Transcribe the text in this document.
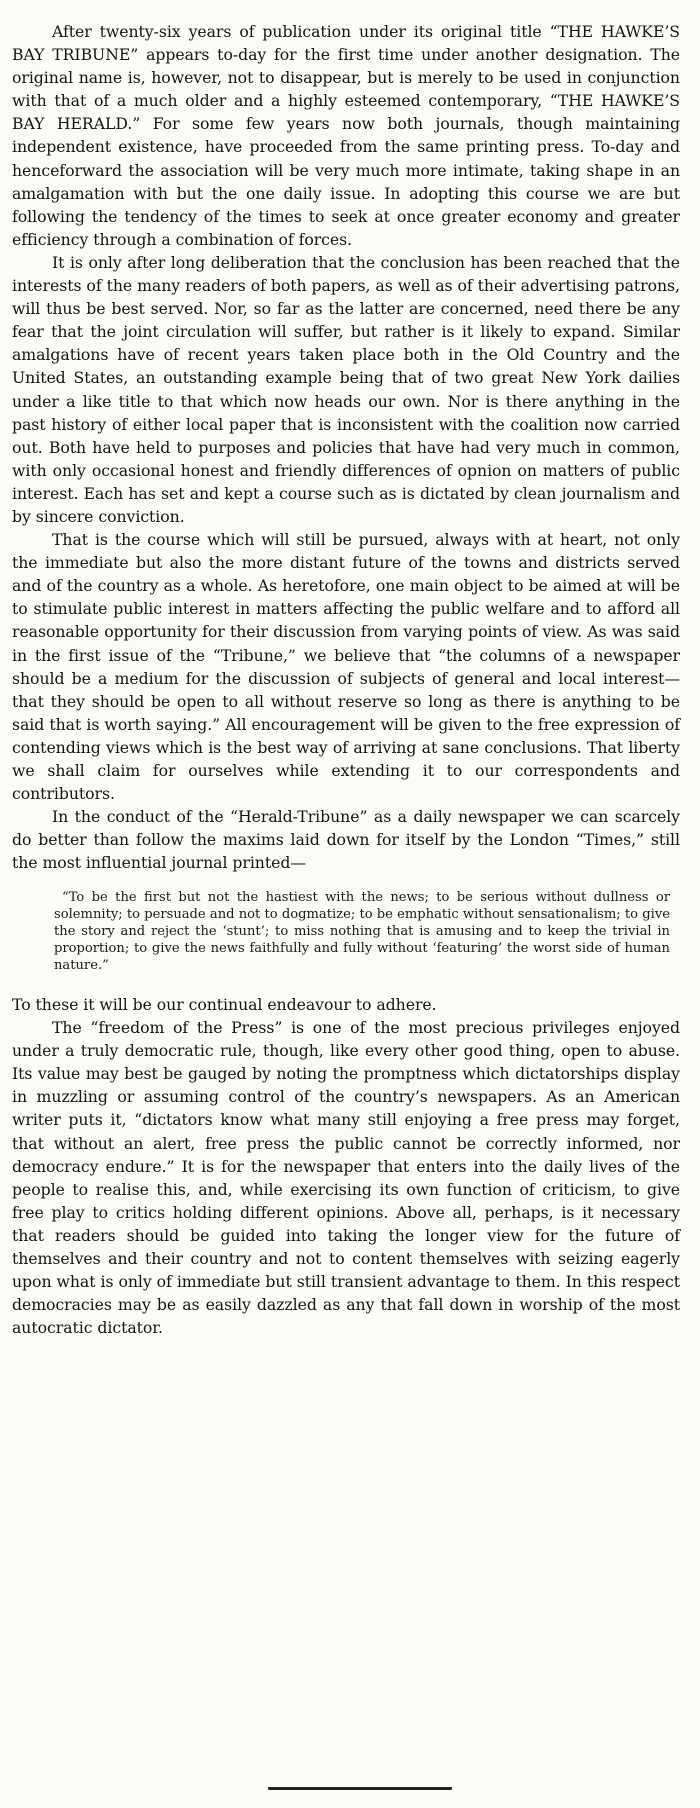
After twenty-six years of publication under its original title “THE HAWKE’S BAY TRIBUNE” appears to-day for the first time under another designation. The original name is, however, not to disappear, but is merely to be used in conjunction with that of a much older and a highly esteemed contemporary, “THE HAWKE’S BAY HERALD.” For some few years now both journals, though maintaining independent existence, have proceeded from the same printing press. To-day and henceforward the association will be very much more intimate, taking shape in an amalgamation with but the one daily issue. In adopting this course we are but following the tendency of the times to seek at once greater economy and greater efficiency through a combination of forces.

It is only after long deliberation that the conclusion has been reached that the interests of the many readers of both papers, as well as of their advertising patrons, will thus be best served. Nor, so far as the latter are concerned, need there be any fear that the joint circulation will suffer, but rather is it likely to expand. Similar amalgations have of recent years taken place both in the Old Country and the United States, an outstanding example being that of two great New York dailies under a like title to that which now heads our own. Nor is there anything in the past history of either local paper that is inconsistent with the coalition now carried out. Both have held to purposes and policies that have had very much in common, with only occasional honest and friendly differences of opnion on matters of public interest. Each has set and kept a course such as is dictated by clean journalism and by sincere conviction.

That is the course which will still be pursued, always with at heart, not only the immediate but also the more distant future of the towns and districts served and of the country as a whole. As heretofore, one main object to be aimed at will be to stimulate public interest in matters affecting the public welfare and to afford all reasonable opportunity for their discussion from varying points of view. As was said in the first issue of the “Tribune,” we believe that “the columns of a newspaper should be a medium for the discussion of subjects of general and local interest—that they should be open to all without reserve so long as there is anything to be said that is worth saying.” All encouragement will be given to the free expression of contending views which is the best way of arriving at sane conclusions. That liberty we shall claim for ourselves while extending it to our correspondents and contributors.

In the conduct of the “Herald-Tribune” as a daily newspaper we can scarcely do better than follow the maxims laid down for itself by the London “Times,” still the most influential journal printed—

“To be the first but not the hastiest with the news; to be serious without dullness or solemnity; to persuade and not to dogmatize; to be emphatic without sensationalism; to give the story and reject the ‘stunt’; to miss nothing that is amusing and to keep the trivial in proportion; to give the news faithfully and fully without ‘featuring’ the worst side of human nature.”

To these it will be our continual endeavour to adhere.

The “freedom of the Press” is one of the most precious privileges enjoyed under a truly democratic rule, though, like every other good thing, open to abuse. Its value may best be gauged by noting the promptness which dictatorships display in muzzling or assuming control of the country’s newspapers. As an American writer puts it, “dictators know what many still enjoying a free press may forget, that without an alert, free press the public cannot be correctly informed, nor democracy endure.” It is for the newspaper that enters into the daily lives of the people to realise this, and, while exercising its own function of criticism, to give free play to critics holding different opinions. Above all, perhaps, is it necessary that readers should be guided into taking the longer view for the future of themselves and their country and not to content themselves with seizing eagerly upon what is only of immediate but still transient advantage to them. In this respect democracies may be as easily dazzled as any that fall down in worship of the most autocratic dictator.
